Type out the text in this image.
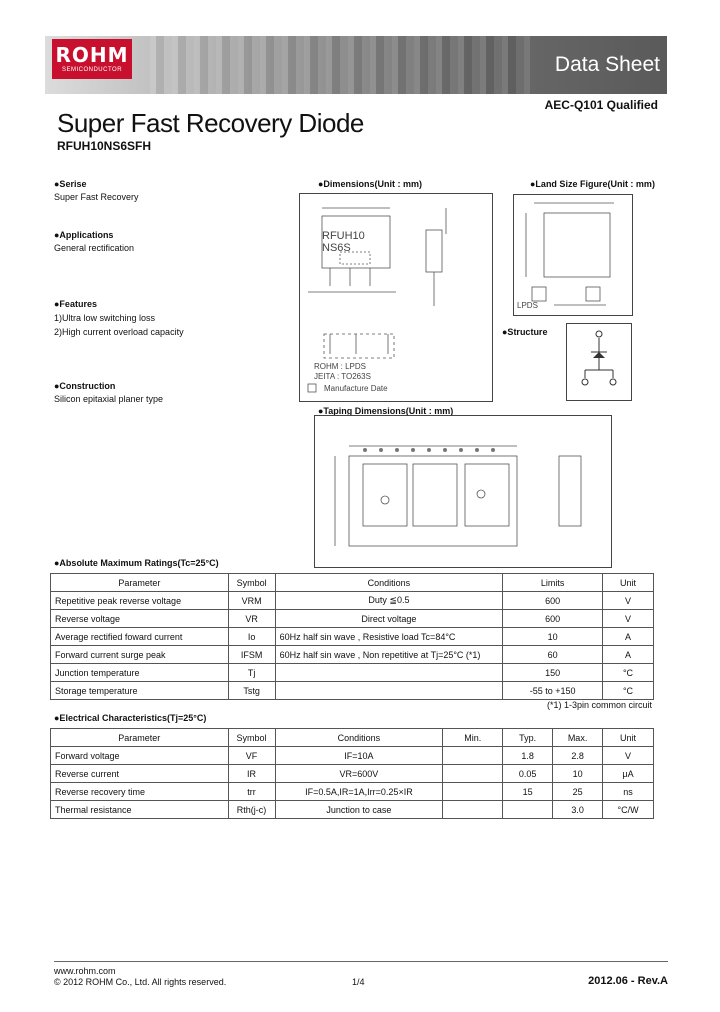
ROHM
SEMICONDUCTOR	Data Sheet
AEC-Q101 Qualified
Super Fast Recovery Diode
RFUH10NS6SFH
●Serise
Super Fast Recovery
●Applications
General rectification
●Features
1)Ultra low switching loss
2)High current overload capacity
●Construction
Silicon epitaxial planer type
●Dimensions(Unit : mm)
RFUH10
NS6S
ROHM : LPDS
JEITA : TO263S
Manufacture Date
●Land Size Figure(Unit : mm)
LPDS
●Structure
●Taping Dimensions(Unit : mm)
●Absolute Maximum Ratings(Tc=25°C)
Parameter	Symbol	Conditions	Limits	Unit
Repetitive peak reverse voltage	VRM	Duty ≦0.5	600	V
Reverse voltage	VR	Direct voltage	600	V
Average rectified foward current	Io	60Hz half sin wave , Resistive load Tc=84°C	10	A
Forward current surge peak	IFSM	60Hz half sin wave , Non repetitive at Tj=25°C (*1)	60	A
Junction temperature	Tj		150	°C
Storage temperature	Tstg		-55 to +150	°C
(*1) 1-3pin common circuit
●Electrical Characteristics(Tj=25°C)
Parameter	Symbol	Conditions	Min.	Typ.	Max.	Unit
Forward voltage	VF	IF=10A		1.8	2.8	V
Reverse current	IR	VR=600V		0.05	10	μA
Reverse recovery time	trr	IF=0.5A,IR=1A,Irr=0.25×IR		15	25	ns
Thermal resistance	Rth(j-c)	Junction to case			3.0	°C/W
www.rohm.com
© 2012 ROHM Co., Ltd. All rights reserved.	1/4	2012.06 - Rev.A
